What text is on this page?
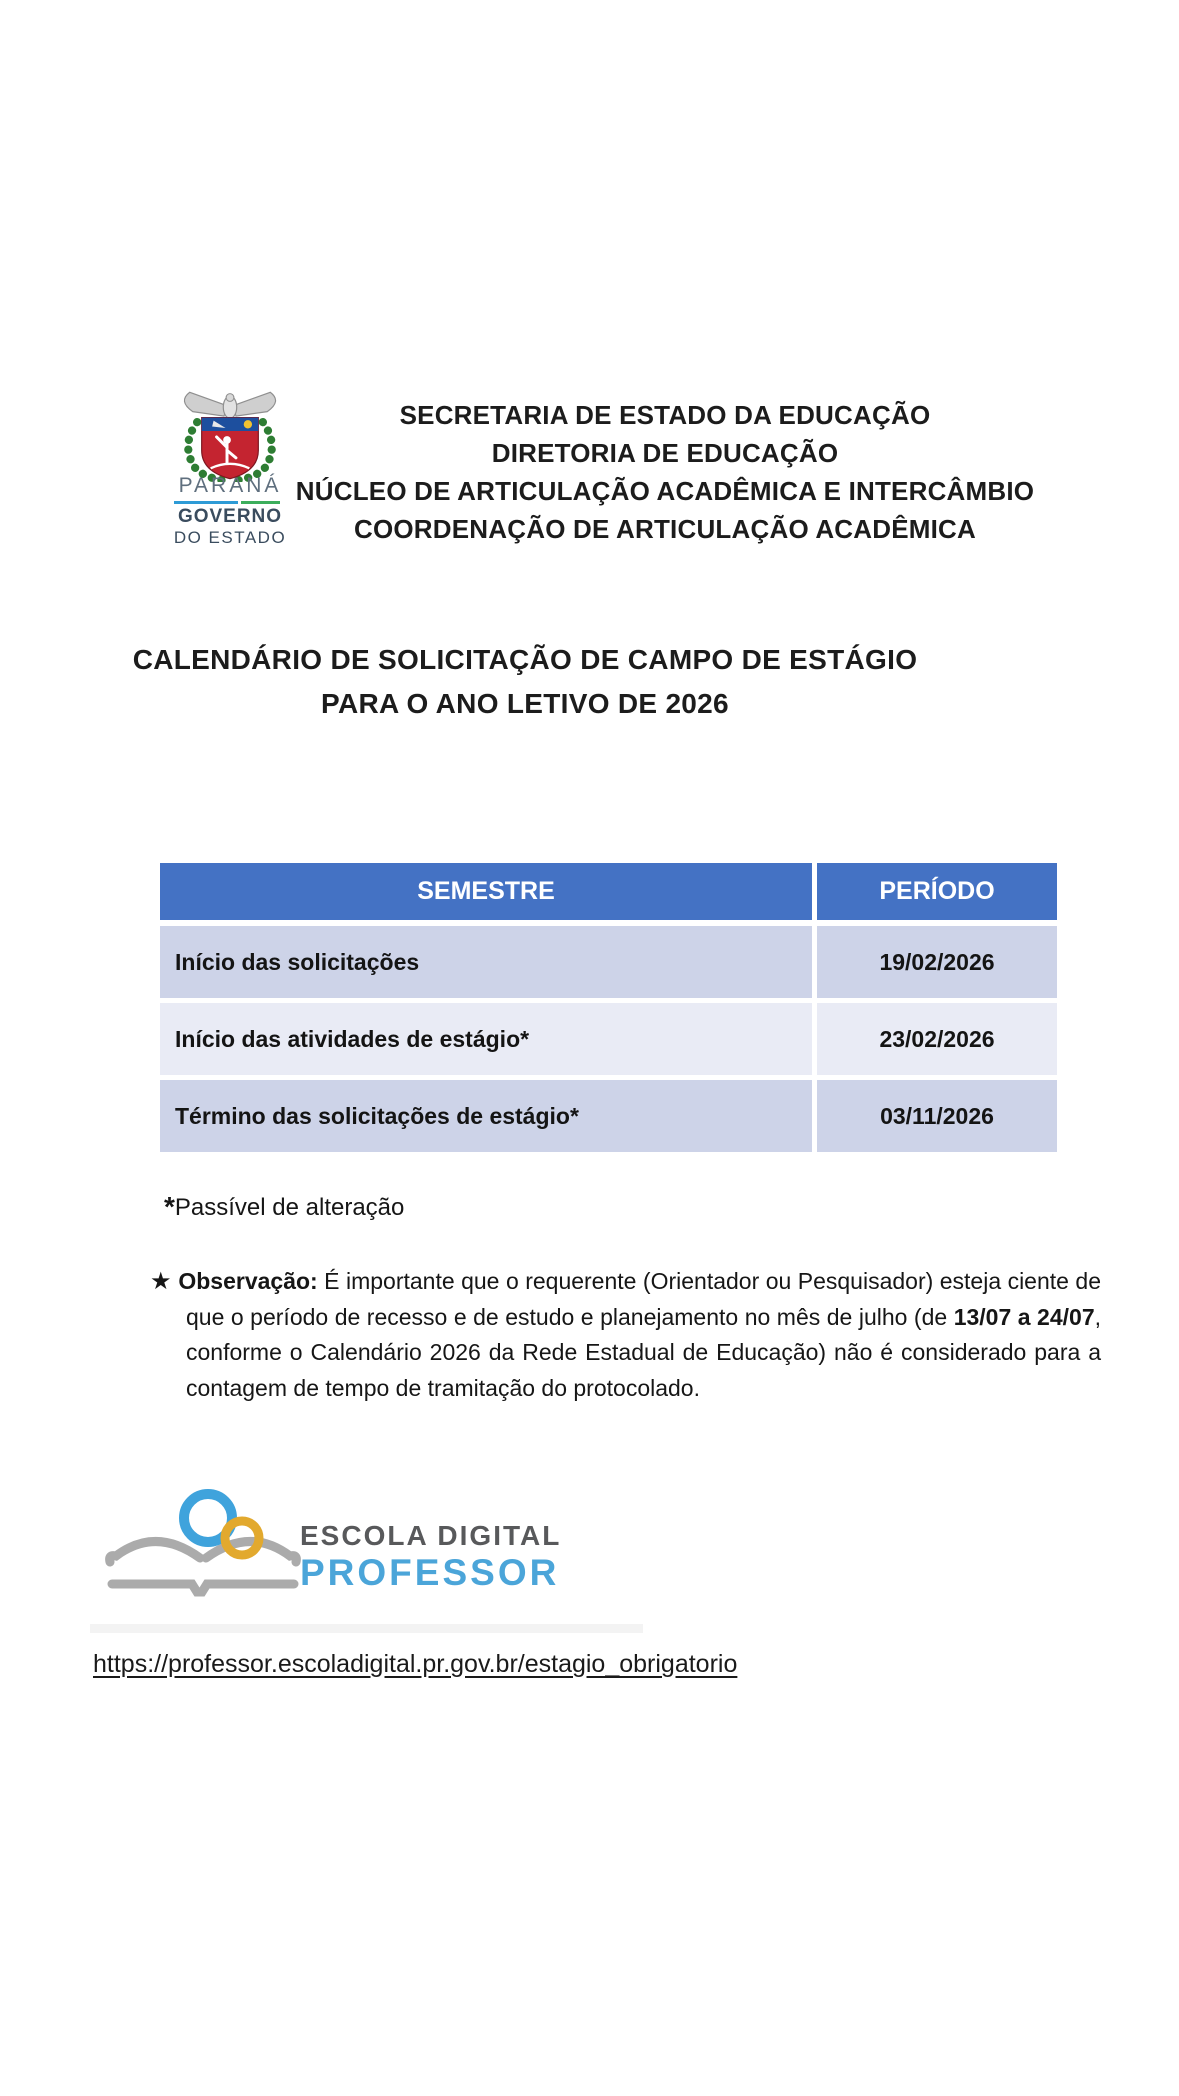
PARANÁ
GOVERNO
DO ESTADO
SECRETARIA DE ESTADO DA EDUCAÇÃO
DIRETORIA DE EDUCAÇÃO
NÚCLEO DE ARTICULAÇÃO ACADÊMICA E INTERCÂMBIO
COORDENAÇÃO DE ARTICULAÇÃO ACADÊMICA
CALENDÁRIO DE SOLICITAÇÃO DE CAMPO DE ESTÁGIO
PARA O ANO LETIVO DE 2026
SEMESTRE	PERÍODO
Início das solicitações	19/02/2026
Início das atividades de estágio*	23/02/2026
Término das solicitações de estágio*	03/11/2026
*Passível de alteração
★ Observação: É importante que o requerente (Orientador ou Pesquisador) esteja ciente de que o período de recesso e de estudo e planejamento no mês de julho (de 13/07 a 24/07, conforme o Calendário 2026 da Rede Estadual de Educação) não é considerado para a contagem de tempo de tramitação do protocolado.
ESCOLA DIGITAL
PROFESSOR
https://professor.escoladigital.pr.gov.br/estagio_obrigatorio
